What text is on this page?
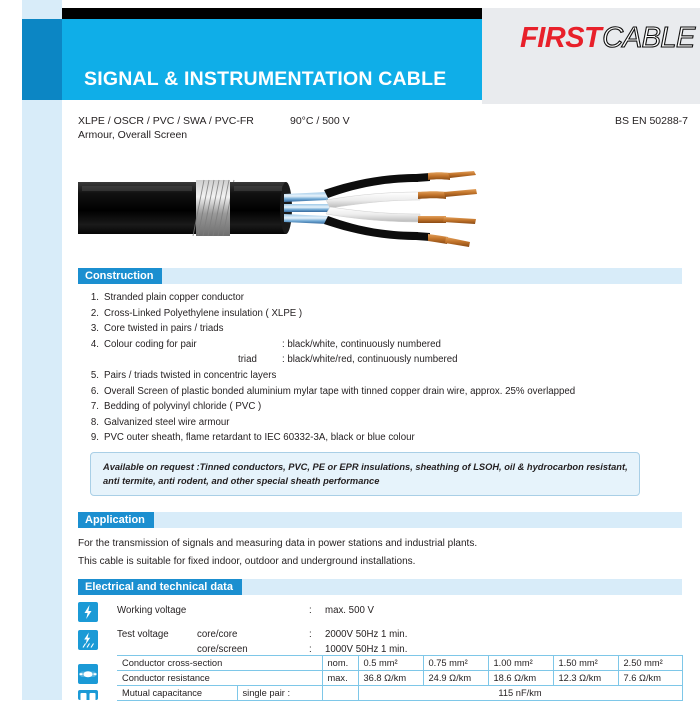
SIGNAL & INSTRUMENTATION CABLE
FIRST CABLE
XLPE / OSCR / PVC / SWA / PVC-FR
Armour, Overall Screen
90°C / 500 V	BS EN 50288-7
Construction
1. Stranded plain copper conductor
2. Cross-Linked Polyethylene insulation ( XLPE )
3. Core twisted in pairs / triads
4. Colour coding for pair	: black/white, continuously numbered
triad	: black/white/red, continuously numbered
5. Pairs / triads twisted in concentric layers
6. Overall Screen of plastic bonded aluminium mylar tape with tinned copper drain wire, approx. 25% overlapped
7. Bedding of polyvinyl chloride ( PVC )
8. Galvanized steel wire armour
9. PVC outer sheath, flame retardant to IEC 60332-3A, black or blue colour
Available on request :Tinned conductors, PVC, PE or EPR insulations, sheathing of LSOH, oil & hydrocarbon resistant,
anti termite, anti rodent, and other special sheath performance
Application
For the transmission of signals and measuring data in power stations and industrial plants.
This cable is suitable for fixed indoor, outdoor and underground installations.
Electrical and technical data
Working voltage	: max. 500 V
Test voltage	core/core	: 2000V 50Hz 1 min.
core/screen	: 1000V 50Hz 1 min.
Conductor cross-section		nom.	0.5 mm²	0.75 mm²	1.00 mm²	1.50 mm²	2.50 mm²
Conductor resistance		max.	36.8 Ω/km	24.9 Ω/km	18.6 Ω/km	12.3 Ω/km	7.6 Ω/km
Mutual capacitance	single pair :		115 nF/km				
